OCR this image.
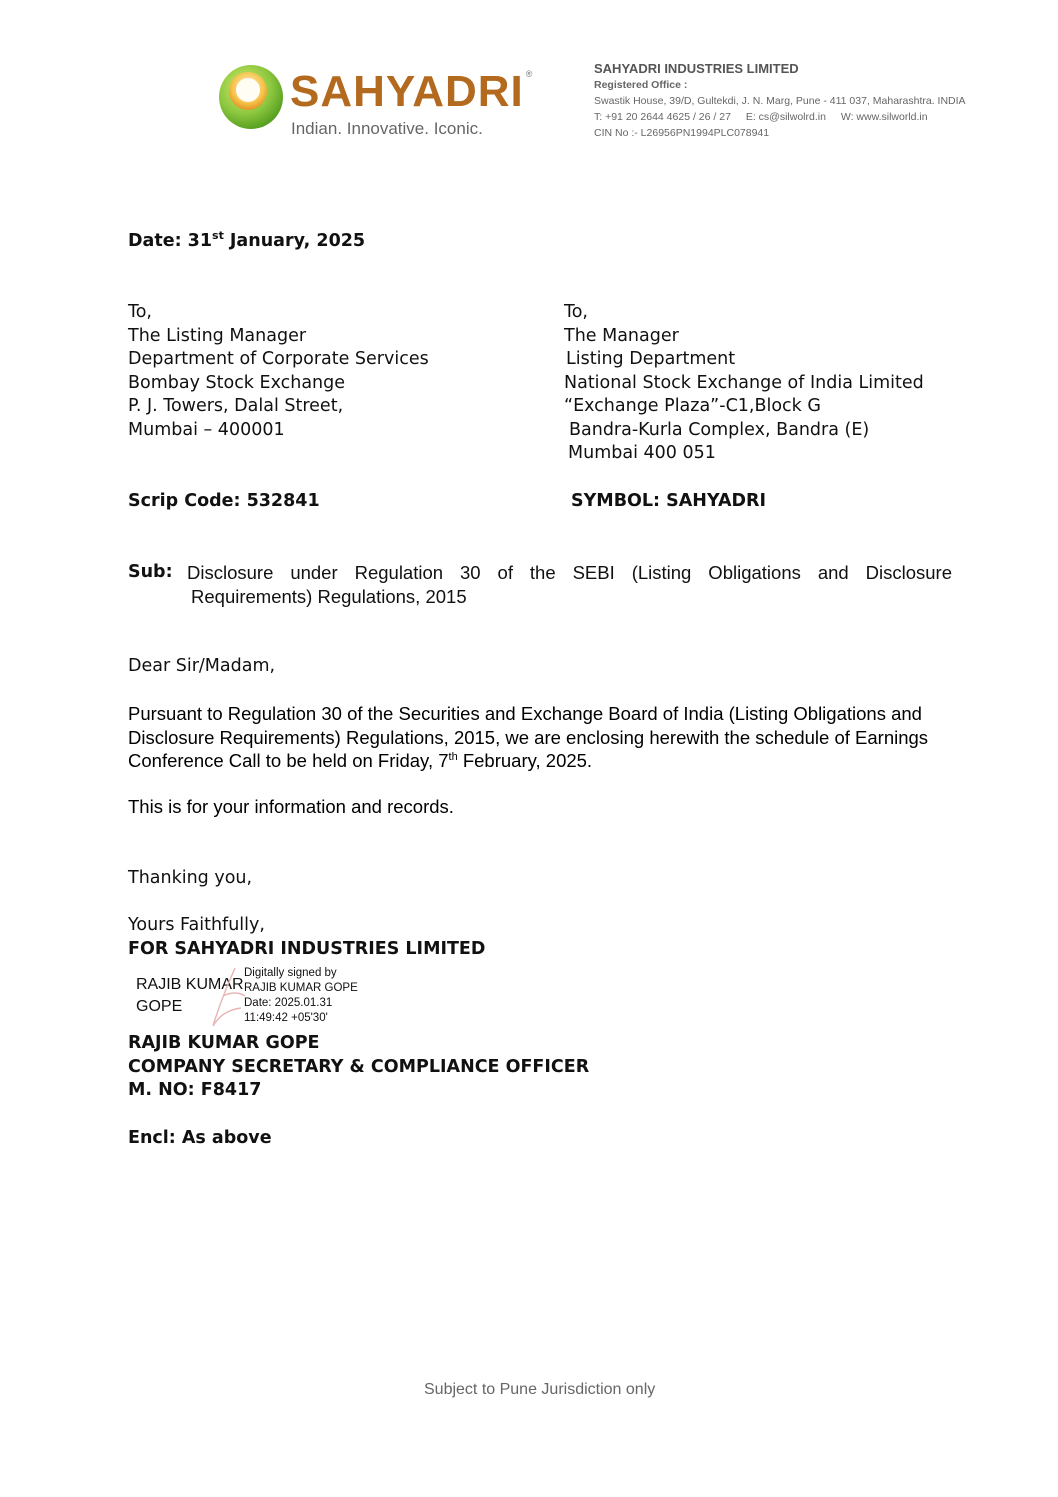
SAHYADRI ®
Indian. Innovative. Iconic.
SAHYADRI INDUSTRIES LIMITED
Registered Office :
Swastik House, 39/D, Gultekdi, J. N. Marg, Pune - 411 037, Maharashtra. INDIA
T: +91 20 2644 4625 / 26 / 27 E: cs@silwolrd.in W: www.silworld.in
CIN No :- L26956PN1994PLC078941
Date: 31st January, 2025
To,
The Listing Manager
Department of Corporate Services
Bombay Stock Exchange
P. J. Towers, Dalal Street,
Mumbai – 400001
To,
The Manager
Listing Department
National Stock Exchange of India Limited
“Exchange Plaza”-C1,Block G
Bandra-Kurla Complex, Bandra (E)
Mumbai 400 051
Scrip Code: 532841	SYMBOL: SAHYADRI
Sub: Disclosure under Regulation 30 of the SEBI (Listing Obligations and Disclosure
Requirements) Regulations, 2015
Dear Sir/Madam,
Pursuant to Regulation 30 of the Securities and Exchange Board of India (Listing Obligations and Disclosure Requirements) Regulations, 2015, we are enclosing herewith the schedule of Earnings Conference Call to be held on Friday, 7th February, 2025.
This is for your information and records.
Thanking you,
Yours Faithfully,
FOR SAHYADRI INDUSTRIES LIMITED
RAJIB KUMAR
GOPE
Digitally signed by
RAJIB KUMAR GOPE
Date: 2025.01.31
11:49:42 +05'30'
RAJIB KUMAR GOPE
COMPANY SECRETARY & COMPLIANCE OFFICER
M. NO: F8417
Encl: As above
Subject to Pune Jurisdiction only
